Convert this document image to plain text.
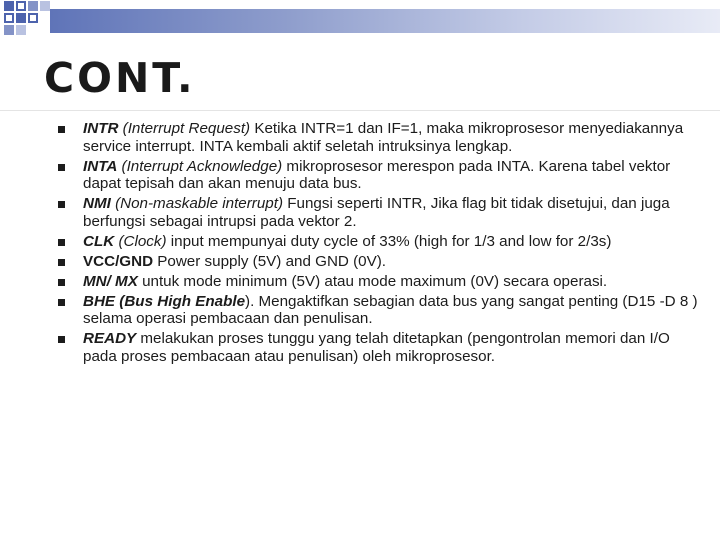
CONT.
INTR (Interrupt Request) Ketika INTR=1 dan IF=1, maka mikroprosesor menyediakannya service interrupt. INTA kembali aktif seletah intruksinya lengkap.
INTA (Interrupt Acknowledge) mikroprosesor merespon pada INTA. Karena tabel vektor dapat tepisah dan akan menuju data bus.
NMI (Non-maskable interrupt) Fungsi seperti INTR, Jika flag bit tidak disetujui, dan juga berfungsi sebagai intrupsi pada vektor 2.
CLK (Clock) input mempunyai duty cycle of 33% (high for 1/3 and low for 2/3s)
VCC/GND Power supply (5V) and GND (0V).
MN/ MX untuk mode minimum (5V) atau mode maximum (0V) secara operasi.
BHE (Bus High Enable). Mengaktifkan sebagian data bus yang sangat penting (D15 -D 8 ) selama operasi pembacaan dan penulisan.
READY melakukan proses tunggu yang telah ditetapkan (pengontrolan memori dan I/O pada proses pembacaan atau penulisan) oleh mikroprosesor.
